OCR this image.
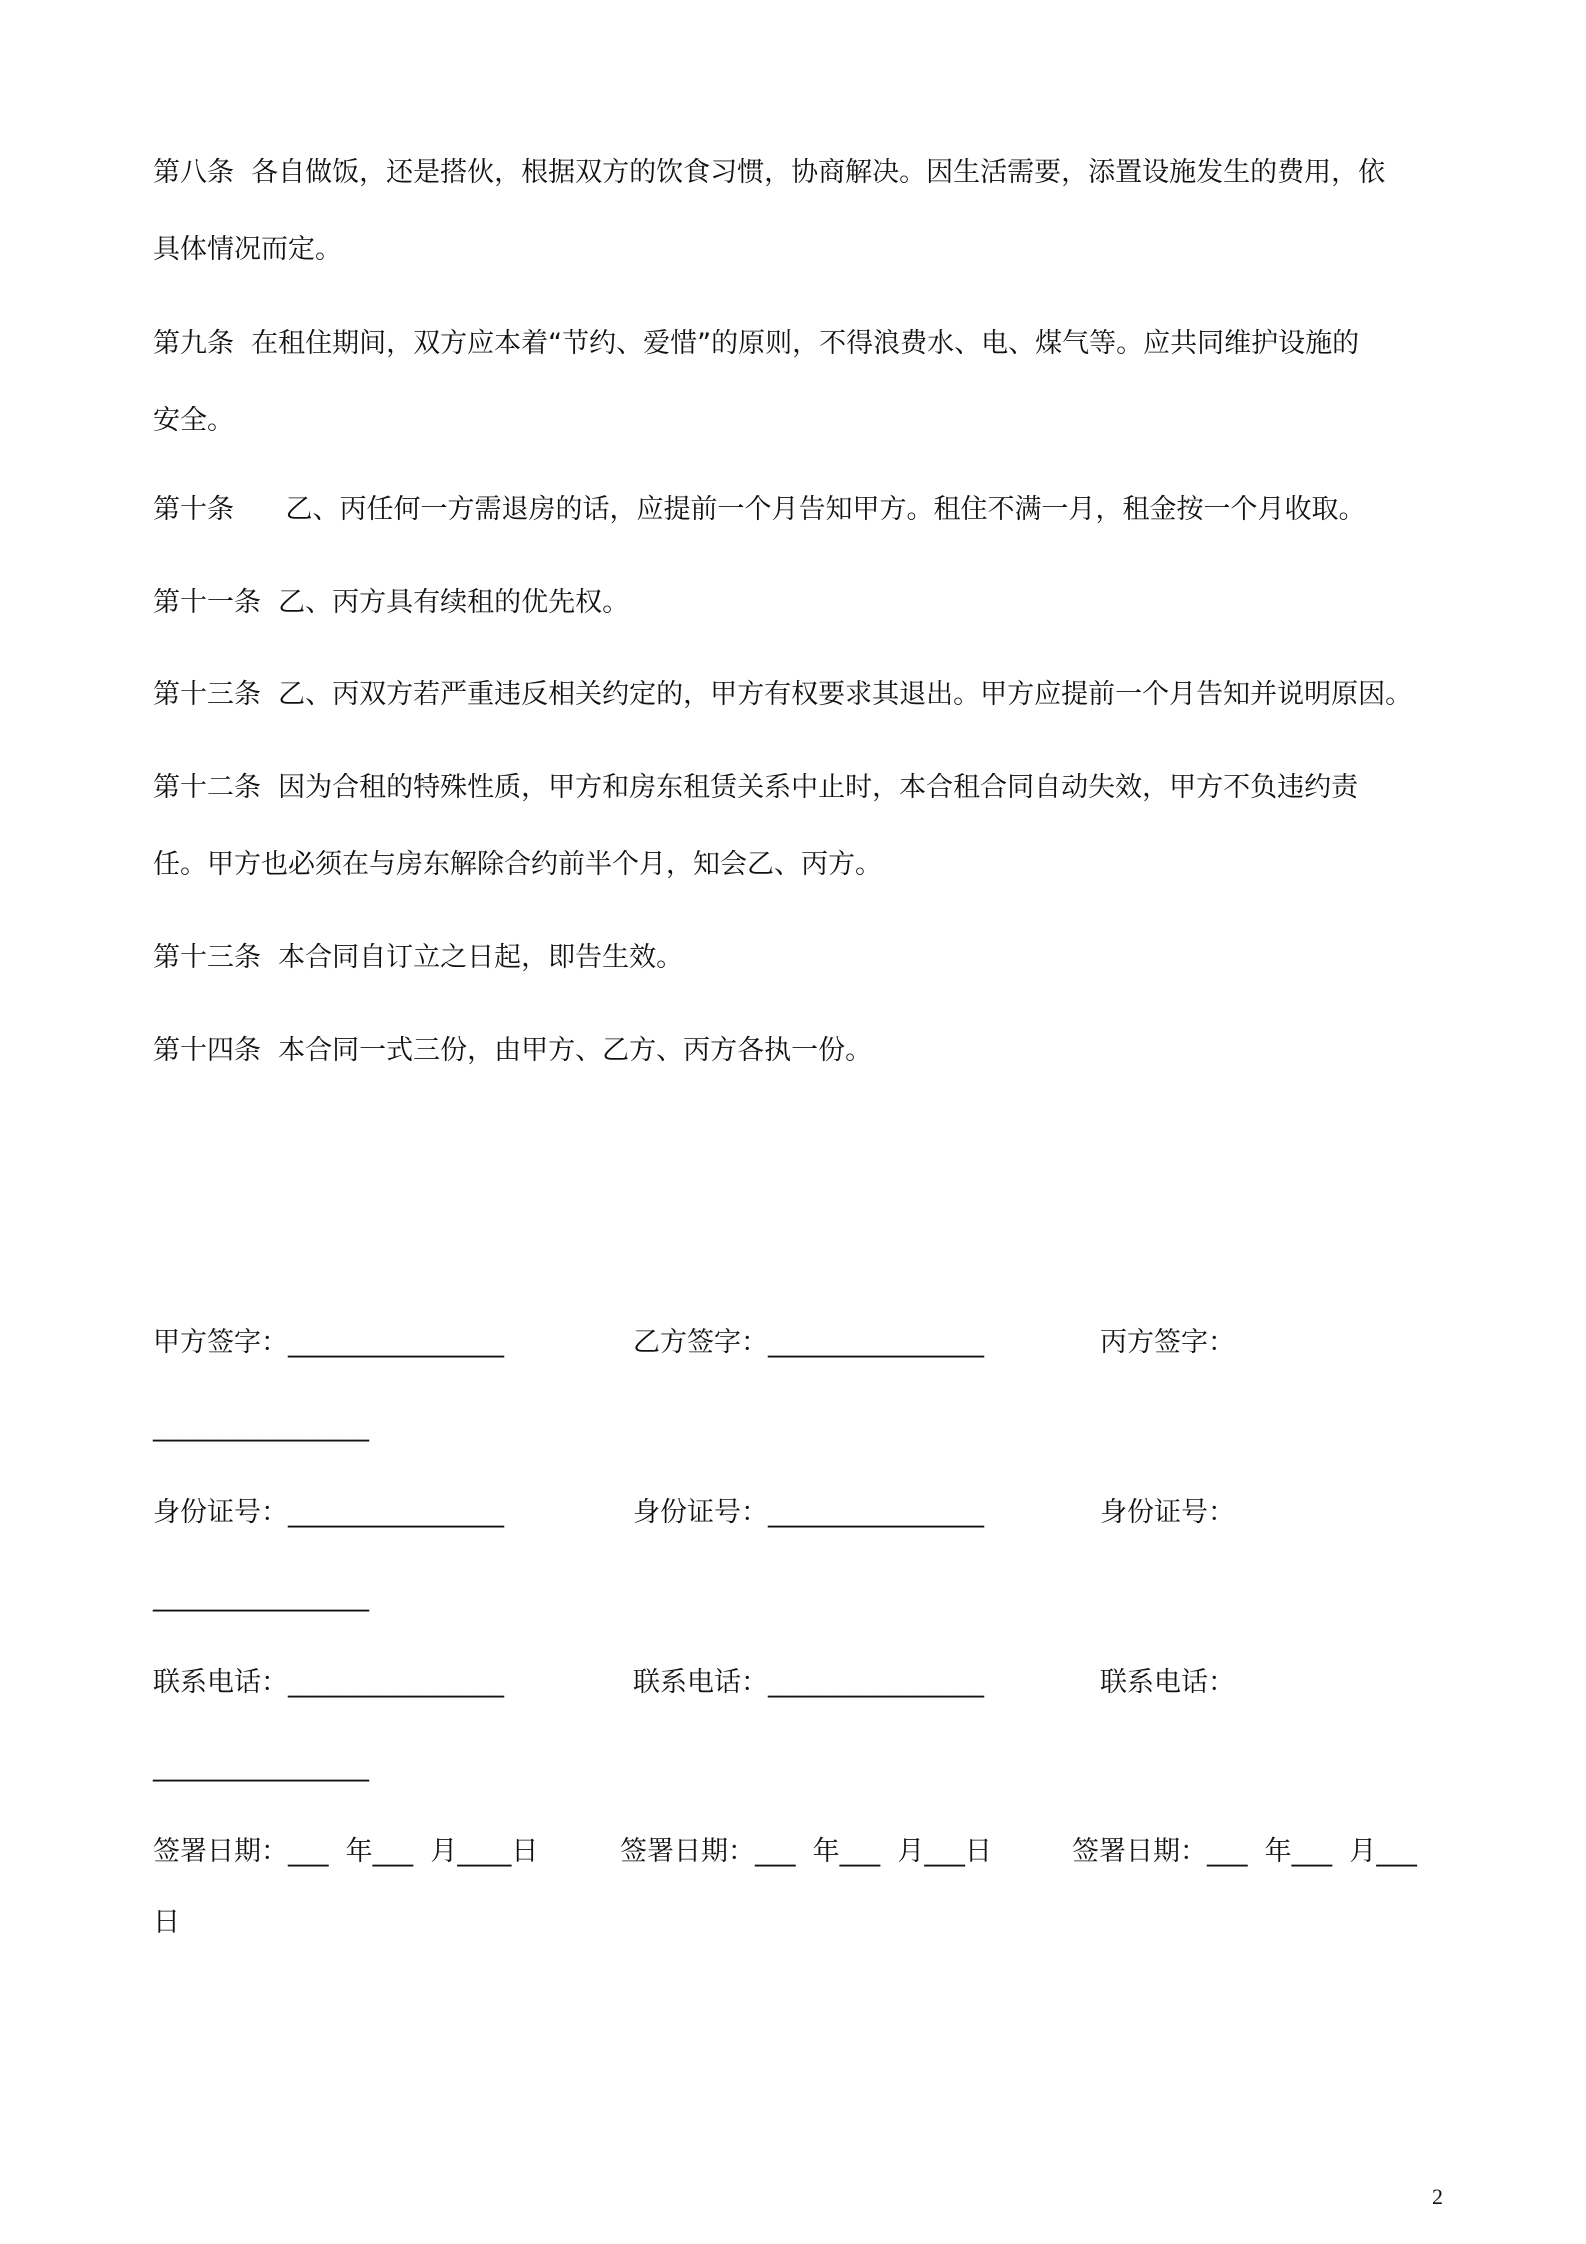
第八条 各自做饭，还是搭伙，根据双方的饮食习惯，协商解决。因生活需要，添置设施发生的费用，依
具体情况而定。
第九条 在租住期间，双方应本着“节约、爱惜”的原则，不得浪费水、电、煤气等。应共同维护设施的
安全。
第十条 乙、丙任何一方需退房的话，应提前一个月告知甲方。租住不满一月，租金按一个月收取。
第十一条 乙、丙方具有续租的优先权。
第十三条 乙、丙双方若严重违反相关约定的，甲方有权要求其退出。甲方应提前一个月告知并说明原因。
第十二条 因为合租的特殊性质，甲方和房东租赁关系中止时，本合租合同自动失效，甲方不负违约责
任。甲方也必须在与房东解除合约前半个月，知会乙、丙方。
第十三条 本合同自订立之日起，即告生效。
第十四条 本合同一式三份，由甲方、乙方、丙方各执一份。
甲方签字：________________	乙方签字：________________	丙方签字：
________________
身份证号：________________	身份证号：________________	身份证号：
________________
联系电话：________________	联系电话：________________	联系电话：
________________
签署日期：___  年___  月____日	签署日期：___  年___  月___日	签署日期：___  年___  月___
日
2
